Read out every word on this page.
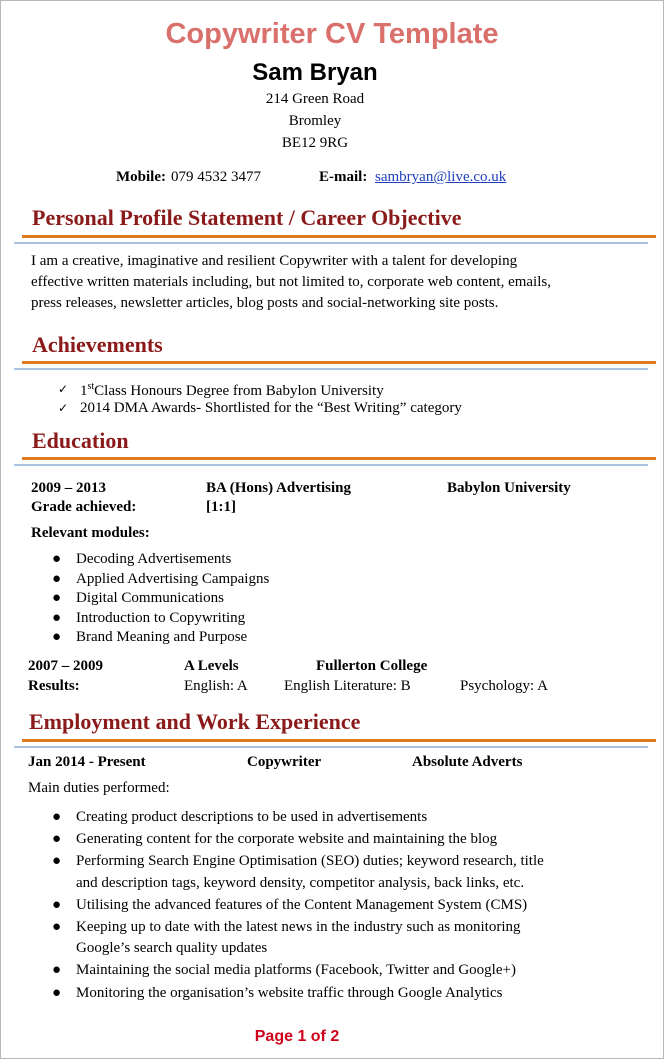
Copywriter CV Template
Sam Bryan
214 Green Road
Bromley
BE12 9RG
Mobile: 079 4532 3477	E-mail: sambryan@live.co.uk
Personal Profile Statement / Career Objective
I am a creative, imaginative and resilient Copywriter with a talent for developing
effective written materials including, but not limited to, corporate web content, emails,
press releases, newsletter articles, blog posts and social-networking site posts.
Achievements
✓ 1stClass Honours Degree from Babylon University
✓ 2014 DMA Awards- Shortlisted for the “Best Writing” category
Education
2009 – 2013	BA (Hons) Advertising	Babylon University
Grade achieved:	[1:1]
Relevant modules:
● Decoding Advertisements
● Applied Advertising Campaigns
● Digital Communications
● Introduction to Copywriting
● Brand Meaning and Purpose
2007 – 2009	A Levels	Fullerton College
Results:	English: A English Literature: B	Psychology: A
Employment and Work Experience
Jan 2014 - Present	Copywriter	Absolute Adverts
Main duties performed:
● Creating product descriptions to be used in advertisements
● Generating content for the corporate website and maintaining the blog
● Performing Search Engine Optimisation (SEO) duties; keyword research, title
and description tags, keyword density, competitor analysis, back links, etc.
● Utilising the advanced features of the Content Management System (CMS)
● Keeping up to date with the latest news in the industry such as monitoring
Google’s search quality updates
● Maintaining the social media platforms (Facebook, Twitter and Google+)
● Monitoring the organisation’s website traffic through Google Analytics
Page 1 of 2
